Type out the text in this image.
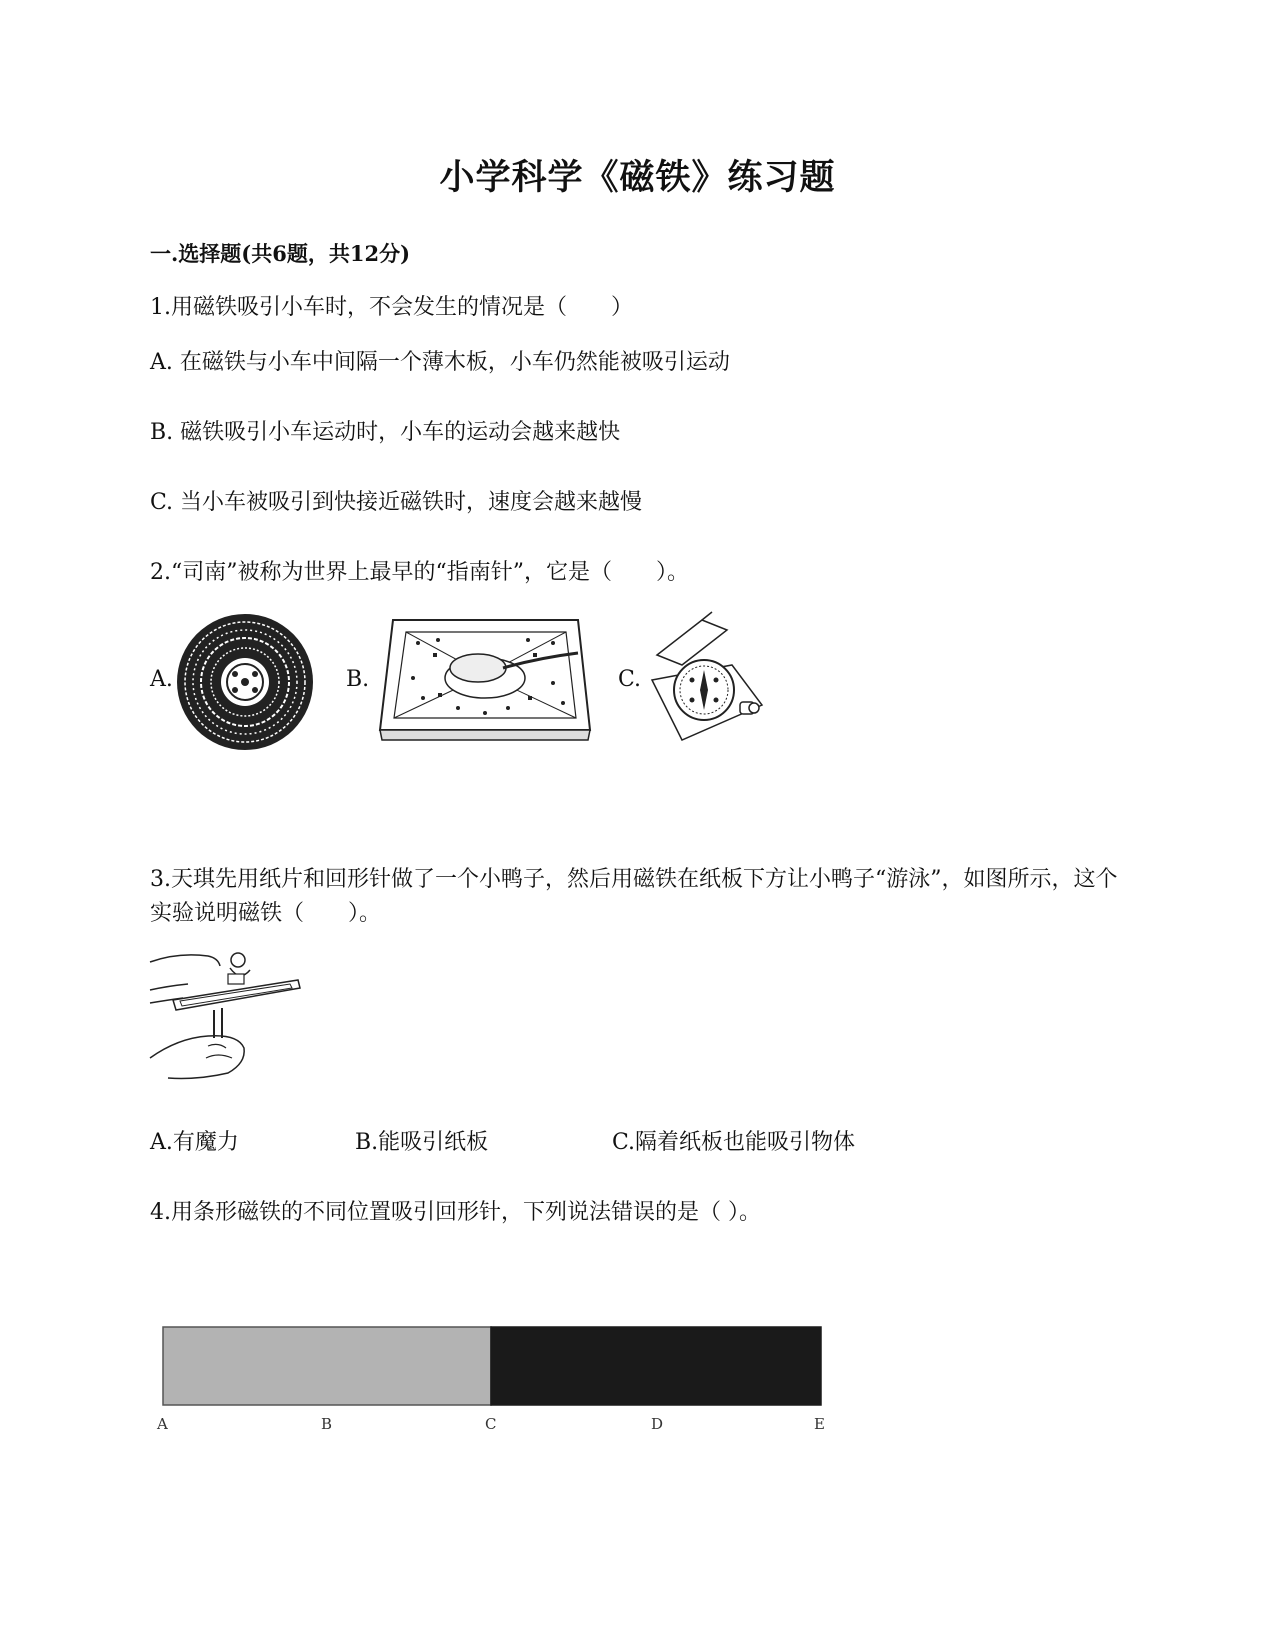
小学科学《磁铁》练习题
一.选择题(共6题，共12分)
1.用磁铁吸引小车时，不会发生的情况是（　　）
A. 在磁铁与小车中间隔一个薄木板，小车仍然能被吸引运动
B. 磁铁吸引小车运动时，小车的运动会越来越快
C. 当小车被吸引到快接近磁铁时，速度会越来越慢
2.“司南”被称为世界上最早的“指南针”，它是（　　）。
A.	B.	C.
3.天琪先用纸片和回形针做了一个小鸭子，然后用磁铁在纸板下方让小鸭子“游泳”，如图所示，这个实验说明磁铁（　　）。
A.有魔力	B.能吸引纸板	C.隔着纸板也能吸引物体
4.用条形磁铁的不同位置吸引回形针，下列说法错误的是（ ）。
A	B	C	D	E
